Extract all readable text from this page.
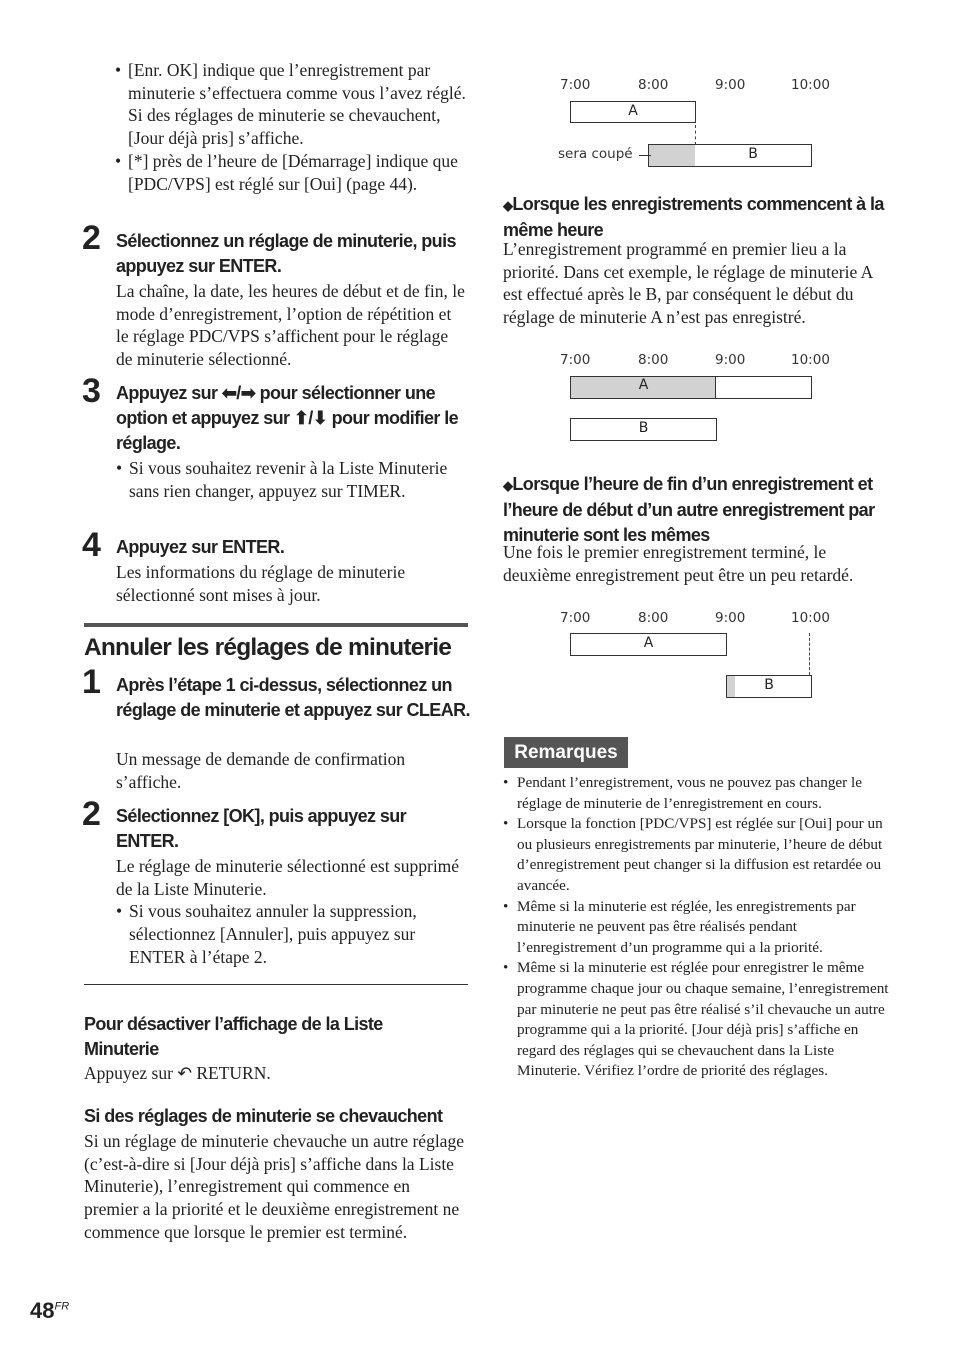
• [Enr. OK] indique que l’enregistrement par minuterie s’effectuera comme vous l’avez réglé. Si des réglages de minuterie se chevauchent, [Jour déjà pris] s’affiche.
• [*] près de l’heure de [Démarrage] indique que [PDC/VPS] est réglé sur [Oui] (page 44).
2 Sélectionnez un réglage de minuterie, puis appuyez sur ENTER.
La chaîne, la date, les heures de début et de fin, le mode d’enregistrement, l’option de répétition et le réglage PDC/VPS s’affichent pour le réglage de minuterie sélectionné.
3 Appuyez sur ⬅/➡ pour sélectionner une option et appuyez sur ⬆/⬇ pour modifier le réglage.
• Si vous souhaitez revenir à la Liste Minuterie sans rien changer, appuyez sur TIMER.
4 Appuyez sur ENTER.
Les informations du réglage de minuterie sélectionné sont mises à jour.
Annuler les réglages de minuterie
1 Après l’étape 1 ci-dessus, sélectionnez un réglage de minuterie et appuyez sur CLEAR.
Un message de demande de confirmation s’affiche.
2 Sélectionnez [OK], puis appuyez sur ENTER.
Le réglage de minuterie sélectionné est supprimé de la Liste Minuterie.
• Si vous souhaitez annuler la suppression, sélectionnez [Annuler], puis appuyez sur ENTER à l’étape 2.
Pour désactiver l’affichage de la Liste Minuterie
Appuyez sur ↶ RETURN.
Si des réglages de minuterie se chevauchent
Si un réglage de minuterie chevauche un autre réglage (c’est-à-dire si [Jour déjà pris] s’affiche dans la Liste Minuterie), l’enregistrement qui commence en premier a la priorité et le deuxième enregistrement ne commence que lorsque le premier est terminé.
$48^{FR}$
7:00	8:00	9:00	10:00
A
B
sera coupé
◆Lorsque les enregistrements commencent à la même heure
L’enregistrement programmé en premier lieu a la priorité. Dans cet exemple, le réglage de minuterie A est effectué après le B, par conséquent le début du réglage de minuterie A n’est pas enregistré.
7:00	8:00	9:00	10:00
A
B
◆Lorsque l’heure de fin d’un enregistrement et l’heure de début d’un autre enregistrement par minuterie sont les mêmes
Une fois le premier enregistrement terminé, le deuxième enregistrement peut être un peu retardé.
7:00	8:00	9:00	10:00
A
B
Remarques
• Pendant l’enregistrement, vous ne pouvez pas changer le réglage de minuterie de l’enregistrement en cours.
• Lorsque la fonction [PDC/VPS] est réglée sur [Oui] pour un ou plusieurs enregistrements par minuterie, l’heure de début d’enregistrement peut changer si la diffusion est retardée ou avancée.
• Même si la minuterie est réglée, les enregistrements par minuterie ne peuvent pas être réalisés pendant l’enregistrement d’un programme qui a la priorité.
• Même si la minuterie est réglée pour enregistrer le même programme chaque jour ou chaque semaine, l’enregistrement par minuterie ne peut pas être réalisé s’il chevauche un autre programme qui a la priorité. [Jour déjà pris] s’affiche en regard des réglages qui se chevauchent dans la Liste Minuterie. Vérifiez l’ordre de priorité des réglages.
